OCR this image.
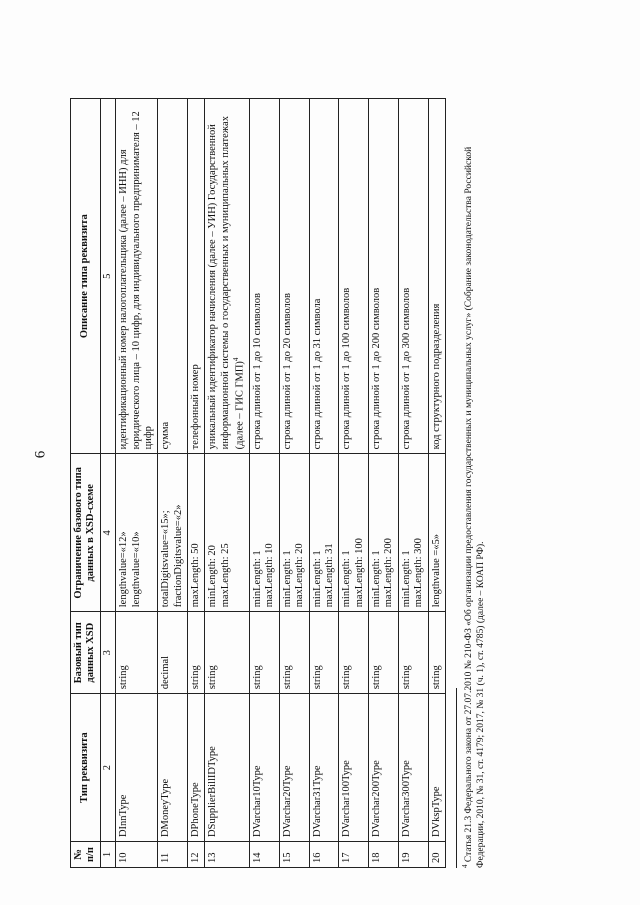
6
№ п/п	Тип реквизита	Базовый тип данных XSD	Ограничение базового типа данных в XSD-схеме	Описание типа реквизита
1	2	3	4	5
10	DInnType	string	lengthvalue=«12» lengthvalue=«10»	идентификационный номер налогоплательщика (далее – ИНН) для юридического лица – 10 цифр, для индивидуального предпринимателя – 12 цифр
11	DMoneyType	decimal	totalDigitsvalue=«15»; fractionDigitsvalue=«2»	сумма
12	DPhoneType	string	maxLength: 50	телефонный номер
13	DSupplierBillIDType	string	minLength: 20 maxLength: 25	уникальный идентификатор начисления (далее – УИН) Государственной информационной системы о государственных и муниципальных платежах (далее – ГИС ГМП)$^4$
14	DVarchar10Type	string	minLength: 1 maxLength: 10	строка длиной от 1 до 10 символов
15	DVarchar20Type	string	minLength: 1 maxLength: 20	строка длиной от 1 до 20 символов
16	DVarchar31Type	string	minLength: 1 maxLength: 31	строка длиной от 1 до 31 символа
17	DVarchar100Type	string	minLength: 1 maxLength: 100	строка длиной от 1 до 100 символов
18	DVarchar200Type	string	minLength: 1 maxLength: 200	строка длиной от 1 до 200 символов
19	DVarchar300Type	string	minLength: 1 maxLength: 300	строка длиной от 1 до 300 символов
20	DVkspType	string	lengthvalue =«5»	код структурного подразделения
$^4$ Статья 21.3 Федерального закона от 27.07.2010 № 210-ФЗ «Об организации предоставления государственных и муниципальных услуг» (Собрание законодательства Российской Федерации, 2010, № 31, ст. 4179; 2017, № 31 (ч. 1), ст. 4785) (далее – КОАП РФ).
